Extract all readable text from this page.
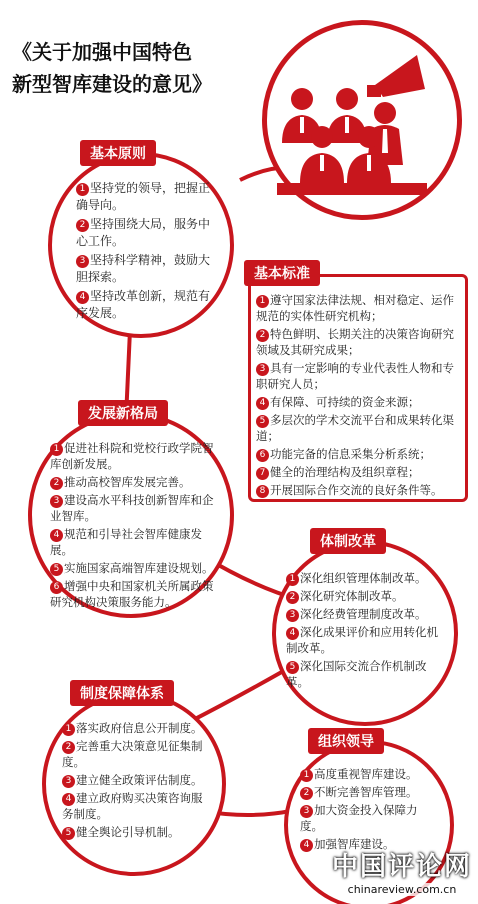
《关于加强中国特色
新型智库建设的意见》
基本原则

1 坚持党的领导，把握正确导向。

2 坚持围绕大局，服务中心工作。

3 坚持科学精神，鼓励大胆探索。

4 坚持改革创新，规范有序发展。

基本标准

1 遵守国家法律法规、相对稳定、运作规范的实体性研究机构；

2 特色鲜明、长期关注的决策咨询研究领域及其研究成果；

3 具有一定影响的专业代表性人物和专职研究人员；

4 有保障、可持续的资金来源；

5 多层次的学术交流平台和成果转化渠道；

6 功能完备的信息采集分析系统；

7 健全的治理结构及组织章程；

8 开展国际合作交流的良好条件等。

发展新格局

1 促进社科院和党校行政学院智库创新发展。

2 推动高校智库发展完善。

3 建设高水平科技创新智库和企业智库。

4 规范和引导社会智库健康发展。

5 实施国家高端智库建设规划。

6 增强中央和国家机关所属政策研究机构决策服务能力。

体制改革

1 深化组织管理体制改革。

2 深化研究体制改革。

3 深化经费管理制度改革。

4 深化成果评价和应用转化机制改革。

5 深化国际交流合作机制改革。

制度保障体系

1 落实政府信息公开制度。

2 完善重大决策意见征集制度。

3 建立健全政策评估制度。

4 建立政府购买决策咨询服务制度。

5 健全舆论引导机制。

组织领导

1 高度重视智库建设。

2 不断完善智库管理。

3 加大资金投入保障力度。

4 加强智库建设。

中国评论网
chinareview.com.cn
